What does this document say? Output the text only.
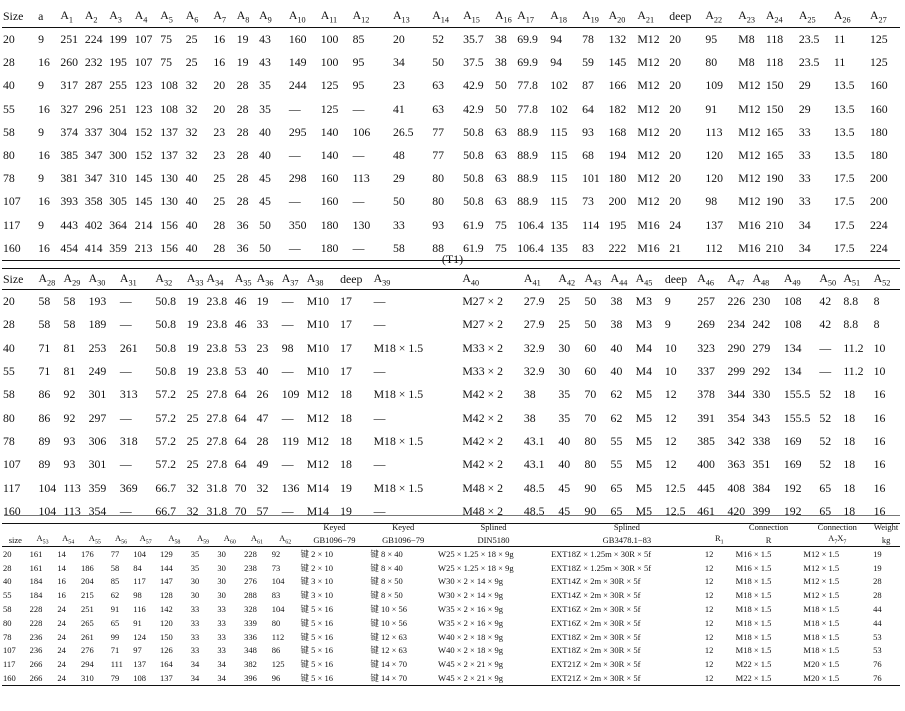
Size	a	$A_1$	$A_2$	$A_3$	$A_4$	$A_5$	$A_6$	$A_7$	$A_8$	$A_9$	$A_{10}$	$A_{11}$	$A_{12}$	$A_{13}$	$A_{14}$	$A_{15}$	$A_{16}$	$A_{17}$	$A_{18}$	$A_{19}$	$A_{20}$	$A_{21}$	deep	$A_{22}$	$A_{23}$	$A_{24}$	$A_{25}$	$A_{26}$	$A_{27}$
20	9	251	224	199	107	75	25	16	19	43	160	100	85	20	52	35.7	38	69.9	94	78	132	M12	20	95	M8	118	23.5	11	125
28	16	260	232	195	107	75	25	16	19	43	149	100	95	34	50	37.5	38	69.9	94	59	145	M12	20	80	M8	118	23.5	11	125
40	9	317	287	255	123	108	32	20	28	35	244	125	95	23	63	42.9	50	77.8	102	87	166	M12	20	109	M12	150	29	13.5	160
55	16	327	296	251	123	108	32	20	28	35	—	125	—	41	63	42.9	50	77.8	102	64	182	M12	20	91	M12	150	29	13.5	160
58	9	374	337	304	152	137	32	23	28	40	295	140	106	26.5	77	50.8	63	88.9	115	93	168	M12	20	113	M12	165	33	13.5	180
80	16	385	347	300	152	137	32	23	28	40	—	140	—	48	77	50.8	63	88.9	115	68	194	M12	20	120	M12	165	33	13.5	180
78	9	381	347	310	145	130	40	25	28	45	298	160	113	29	80	50.8	63	88.9	115	101	180	M12	20	120	M12	190	33	17.5	200
107	16	393	358	305	145	130	40	25	28	45	—	160	—	50	80	50.8	63	88.9	115	73	200	M12	20	98	M12	190	33	17.5	200
117	9	443	402	364	214	156	40	28	36	50	350	180	130	33	93	61.9	75	106.4	135	114	195	M16	24	137	M16	210	34	17.5	224
160	16	454	414	359	213	156	40	28	36	50	—	180	—	58	88	61.9	75	106.4	135	83	222	M16	21	112	M16	210	34	17.5	224
(T1)
Size	$A_{28}$	$A_{29}$	$A_{30}$	$A_{31}$	$A_{32}$	$A_{33}$	$A_{34}$	$A_{35}$	$A_{36}$	$A_{37}$	$A_{38}$	deep	$A_{39}$	$A_{40}$	$A_{41}$	$A_{42}$	$A_{43}$	$A_{44}$	$A_{45}$	deep	$A_{46}$	$A_{47}$	$A_{48}$	$A_{49}$	$A_{50}$	$A_{51}$	$A_{52}$
20	58	58	193	—	50.8	19	23.8	46	19	—	M10	17	—	M27 × 2	27.9	25	50	38	M3	9	257	226	230	108	42	8.8	8
28	58	58	189	—	50.8	19	23.8	46	33	—	M10	17	—	M27 × 2	27.9	25	50	38	M3	9	269	234	242	108	42	8.8	8
40	71	81	253	261	50.8	19	23.8	53	23	98	M10	17	M18 × 1.5	M33 × 2	32.9	30	60	40	M4	10	323	290	279	134	—	11.2	10
55	71	81	249	—	50.8	19	23.8	53	40	—	M10	17	—	M33 × 2	32.9	30	60	40	M4	10	337	299	292	134	—	11.2	10
58	86	92	301	313	57.2	25	27.8	64	26	109	M12	18	M18 × 1.5	M42 × 2	38	35	70	62	M5	12	378	344	330	155.5	52	18	16
80	86	92	297	—	57.2	25	27.8	64	47	—	M12	18	—	M42 × 2	38	35	70	62	M5	12	391	354	343	155.5	52	18	16
78	89	93	306	318	57.2	25	27.8	64	28	119	M12	18	M18 × 1.5	M42 × 2	43.1	40	80	55	M5	12	385	342	338	169	52	18	16
107	89	93	301	—	57.2	25	27.8	64	49	—	M12	18	—	M42 × 2	43.1	40	80	55	M5	12	400	363	351	169	52	18	16
117	104	113	359	369	66.7	32	31.8	70	32	136	M14	19	M18 × 1.5	M48 × 2	48.5	45	90	65	M5	12.5	445	408	384	192	65	18	16
160	104	113	354	—	66.7	32	31.8	70	57	—	M14	19	—	M48 × 2	48.5	45	90	65	M5	12.5	461	420	399	192	65	18	16
											Keyed	Keyed	Splined	Splined		Connection	Connection	Weight
size	$A_{53}$	$A_{54}$	$A_{55}$	$A_{56}$	$A_{57}$	$A_{58}$	$A_{59}$	$A_{60}$	$A_{61}$	$A_{62}$	GB1096−79	GB1096−79	DIN5180	GB3478.1−83	$R_1$	R	$A_7X_7$	kg
20	161	14	176	77	104	129	35	30	228	92	键 2 × 10	键 8 × 40	W25 × 1.25 × 18 × 9g	EXT18Z × 1.25m × 30R × 5f	12	M16 × 1.5	M12 × 1.5	19
28	161	14	186	58	84	144	35	30	238	73	键 2 × 10	键 8 × 40	W25 × 1.25 × 18 × 9g	EXT18Z × 1.25m × 30R × 5f	12	M16 × 1.5	M12 × 1.5	19
40	184	16	204	85	117	147	30	30	276	104	键 3 × 10	键 8 × 50	W30 × 2 × 14 × 9g	EXT14Z × 2m × 30R × 5f	12	M18 × 1.5	M12 × 1.5	28
55	184	16	215	62	98	128	30	30	288	83	键 3 × 10	键 8 × 50	W30 × 2 × 14 × 9g	EXT14Z × 2m × 30R × 5f	12	M18 × 1.5	M12 × 1.5	28
58	228	24	251	91	116	142	33	33	328	104	键 5 × 16	键 10 × 56	W35 × 2 × 16 × 9g	EXT16Z × 2m × 30R × 5f	12	M18 × 1.5	M18 × 1.5	44
80	228	24	265	65	91	120	33	33	339	80	键 5 × 16	键 10 × 56	W35 × 2 × 16 × 9g	EXT16Z × 2m × 30R × 5f	12	M18 × 1.5	M18 × 1.5	44
78	236	24	261	99	124	150	33	33	336	112	键 5 × 16	键 12 × 63	W40 × 2 × 18 × 9g	EXT18Z × 2m × 30R × 5f	12	M18 × 1.5	M18 × 1.5	53
107	236	24	276	71	97	126	33	33	348	86	键 5 × 16	键 12 × 63	W40 × 2 × 18 × 9g	EXT18Z × 2m × 30R × 5f	12	M18 × 1.5	M18 × 1.5	53
117	266	24	294	111	137	164	34	34	382	125	键 5 × 16	键 14 × 70	W45 × 2 × 21 × 9g	EXT21Z × 2m × 30R × 5f	12	M22 × 1.5	M20 × 1.5	76
160	266	24	310	79	108	137	34	34	396	96	键 5 × 16	键 14 × 70	W45 × 2 × 21 × 9g	EXT21Z × 2m × 30R × 5f	12	M22 × 1.5	M20 × 1.5	76
